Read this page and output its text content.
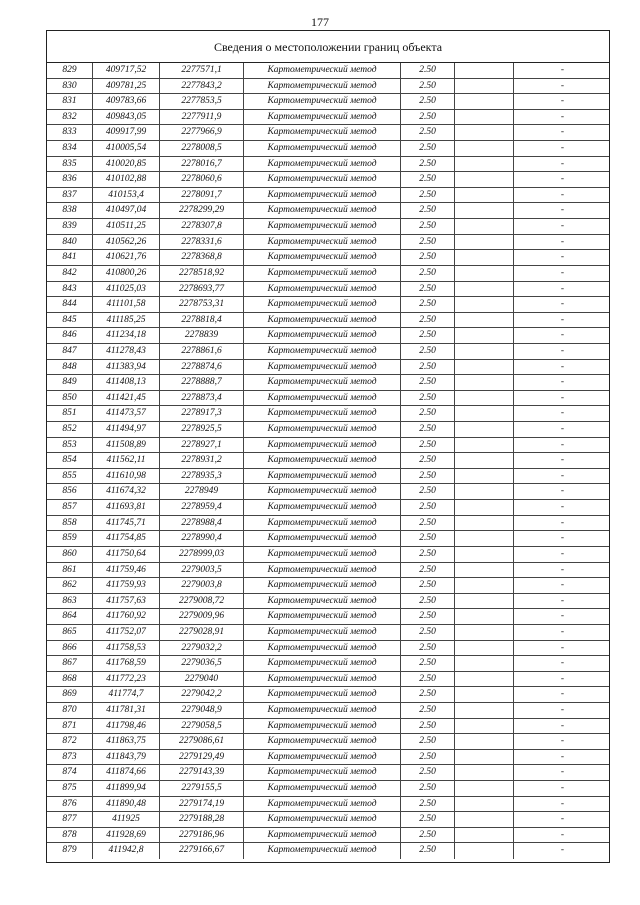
177
Сведения о местоположении границ объекта
829	409717,52	2277571,1	Картометрический метод	2.50	-
830	409781,25	2277843,2	Картометрический метод	2.50	-
831	409783,66	2277853,5	Картометрический метод	2.50	-
832	409843,05	2277911,9	Картометрический метод	2.50	-
833	409917,99	2277966,9	Картометрический метод	2.50	-
834	410005,54	2278008,5	Картометрический метод	2.50	-
835	410020,85	2278016,7	Картометрический метод	2.50	-
836	410102,88	2278060,6	Картометрический метод	2.50	-
837	410153,4	2278091,7	Картометрический метод	2.50	-
838	410497,04	2278299,29	Картометрический метод	2.50	-
839	410511,25	2278307,8	Картометрический метод	2.50	-
840	410562,26	2278331,6	Картометрический метод	2.50	-
841	410621,76	2278368,8	Картометрический метод	2.50	-
842	410800,26	2278518,92	Картометрический метод	2.50	-
843	411025,03	2278693,77	Картометрический метод	2.50	-
844	411101,58	2278753,31	Картометрический метод	2.50	-
845	411185,25	2278818,4	Картометрический метод	2.50	-
846	411234,18	2278839	Картометрический метод	2.50	-
847	411278,43	2278861,6	Картометрический метод	2.50	-
848	411383,94	2278874,6	Картометрический метод	2.50	-
849	411408,13	2278888,7	Картометрический метод	2.50	-
850	411421,45	2278873,4	Картометрический метод	2.50	-
851	411473,57	2278917,3	Картометрический метод	2.50	-
852	411494,97	2278925,5	Картометрический метод	2.50	-
853	411508,89	2278927,1	Картометрический метод	2.50	-
854	411562,11	2278931,2	Картометрический метод	2.50	-
855	411610,98	2278935,3	Картометрический метод	2.50	-
856	411674,32	2278949	Картометрический метод	2.50	-
857	411693,81	2278959,4	Картометрический метод	2.50	-
858	411745,71	2278988,4	Картометрический метод	2.50	-
859	411754,85	2278990,4	Картометрический метод	2.50	-
860	411750,64	2278999,03	Картометрический метод	2.50	-
861	411759,46	2279003,5	Картометрический метод	2.50	-
862	411759,93	2279003,8	Картометрический метод	2.50	-
863	411757,63	2279008,72	Картометрический метод	2.50	-
864	411760,92	2279009,96	Картометрический метод	2.50	-
865	411752,07	2279028,91	Картометрический метод	2.50	-
866	411758,53	2279032,2	Картометрический метод	2.50	-
867	411768,59	2279036,5	Картометрический метод	2.50	-
868	411772,23	2279040	Картометрический метод	2.50	-
869	411774,7	2279042,2	Картометрический метод	2.50	-
870	411781,31	2279048,9	Картометрический метод	2.50	-
871	411798,46	2279058,5	Картометрический метод	2.50	-
872	411863,75	2279086,61	Картометрический метод	2.50	-
873	411843,79	2279129,49	Картометрический метод	2.50	-
874	411874,66	2279143,39	Картометрический метод	2.50	-
875	411899,94	2279155,5	Картометрический метод	2.50	-
876	411890,48	2279174,19	Картометрический метод	2.50	-
877	411925	2279188,28	Картометрический метод	2.50	-
878	411928,69	2279186,96	Картометрический метод	2.50	-
879	411942,8	2279166,67	Картометрический метод	2.50	-
